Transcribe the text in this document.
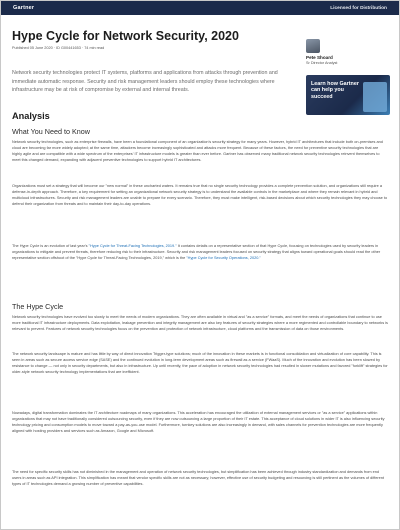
Gartner	Licensed for Distribution
Hype Cycle for Network Security, 2020
Published 05 June 2020 · ID G00441653 · 74 min read
Pete Shoard
Sr Director Analyst
Learn how Gartner can help you succeed
Network security technologies protect IT systems, platforms and applications from attacks through prevention and immediate automatic response. Security and risk management leaders should employ these technologies where infrastructure may be at risk of compromise by external and internal threats.
Analysis
What You Need to Know
Network security technologies, such as enterprise firewalls, have been a foundational component of an organization's security strategy for many years. However, hybrid IT architectures that include both on-premises and cloud are becoming far more widely adopted; at the same time, attackers become increasingly sophisticated and attacks more frequent. Because of these factors, the need for preventive security technologies that are highly agile and are compatible with a wide spectrum of the enterprises' IT infrastructure models is greater than ever before. Gartner has observed many traditional network security technologies reinvent themselves to meet this changed demand, expanding with adjacent preventive technologies to support hybrid IT architectures.
Organizations must set a strategy that will become our "new normal" in these uncharted waters. It remains true that no single security technology provides a complete prevention solution, and organizations still require a defense-in-depth approach. Therefore, a key requirement for setting an organizational network security strategy is to understand the available controls in the marketplace and where they remain relevant in hybrid and multicloud infrastructures. Security and risk management leaders are unable to prepare for every scenario. Therefore, they must make intelligent, risk-based decisions about which security technologies they may choose to defend their organization from threats and to maintain their day-to-day operations.
The Hype Cycle is an evolution of last year's "Hype Cycle for Threat-Facing Technologies, 2019." It contains details on a representative section of that Hype Cycle, focusing on technologies used by security leaders in organizations to mitigate and prevent threats, therefore reducing risk to their infrastructure. Security and risk management leaders focused on security strategy that aligns toward operational goals should read the other representative section offshoot of the "Hype Cycle for Threat-Facing Technologies, 2019," which is the "Hype Cycle for Security Operations, 2020."
The Hype Cycle
Network security technologies have evolved too slowly to meet the needs of modern organizations. They are often available in virtual and "as a service" formats, and meet the needs of organizations that continue to use more traditional IT infrastructure deployments. Data exploitation, leakage prevention and integrity management are also key features of security strategies where a more regimented and controllable boundary to networks is relevant to prevent. Features of network security technologies focus on the prevention and protection of network infrastructure, cloud platforms and the transmission of data on those environments.
The network security landscape is mature and has little by way of direct innovation Trigger-type solutions; much of the innovation in these markets is in functional consolidation and virtualization of core capability. This is seen in areas such as secure access service edge (SASE) and the continued evolution in long-term development areas such as firewall as a service (FWaaS). Much of the innovation and evolution has been slowed by resistance to change — not only in security departments, but also in infrastructure. Up until recently, the pace of adoption in network security technologies had resulted in slower mutations and favored "forklift" strategies for older-style network security technology implementations that are inefficient.
Nowadays, digital transformation dominates the IT architecture roadmaps of many organizations. This acceleration has encouraged the utilization of external management services or "as a service" applications within organizations that may not have traditionally considered outsourcing security, even if they are now outsourcing a large proportion of their IT estate. This acceptance of cloud solutions in wider IT is also influencing security technology pricing and consumption models to move toward a pay-as-you-use model. Furthermore, turnkey solutions are also increasingly in demand, with sales channels for prevention technologies are more frequently aligned with hosting providers and services such as Amazon, Google and Microsoft.
The need for specific security skills has not diminished in the management and operation of network security technologies, but simplification has been achieved through industry standardization and demands from end users in areas such as API integration. This simplification has meant that vendor specific skills are not as necessary; however, effective use of security budgeting and resourcing is still pertinent as the volumes of different types of IT technologies demand a growing number of preventive capabilities.
